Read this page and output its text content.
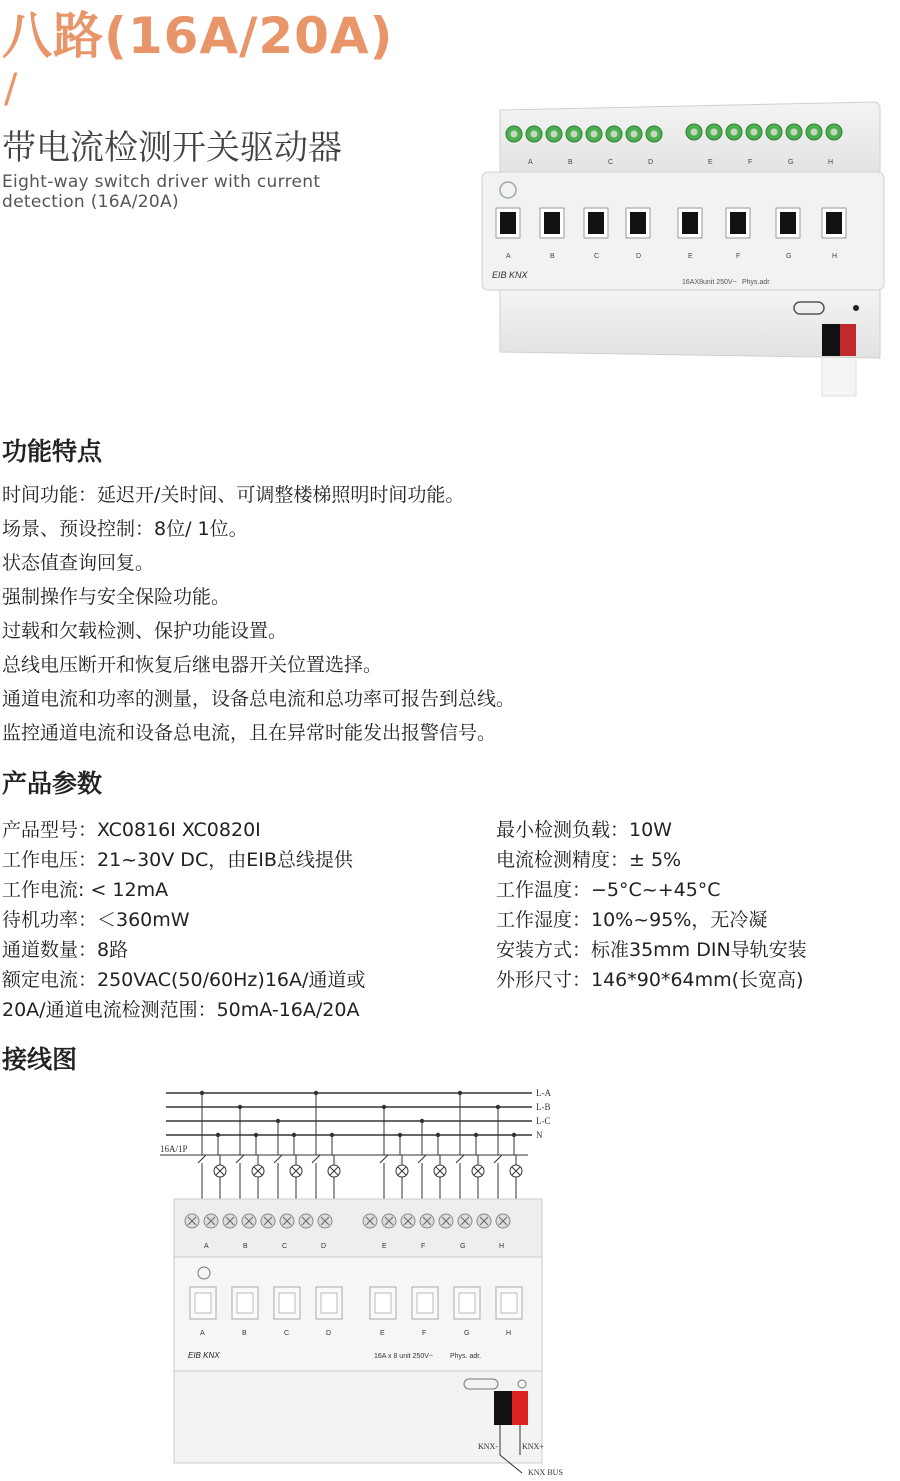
八路(16A/20A)
/
带电流检测开关驱动器
Eight-way switch driver with current detection (16A/20A)
A	B	C	D	E	F	G	H
A	B	C	D	E	F	G	H
EIB KNX
16AX8unit 250V~ Phys.adr
功能特点
时间功能：延迟开/关时间、可调整楼梯照明时间功能。
场景、预设控制：8位/ 1位。
状态值查询回复。
强制操作与安全保险功能。
过载和欠载检测、保护功能设置。
总线电压断开和恢复后继电器开关位置选择。
通道电流和功率的测量，设备总电流和总功率可报告到总线。
监控通道电流和设备总电流，且在异常时能发出报警信号。
产品参数
产品型号：XC0816I XC0820I
工作电压：21~30V DC，由EIB总线提供
工作电流: < 12mA
待机功率：＜360mW
通道数量：8路
额定电流：250VAC(50/60Hz)16A/通道或
20A/通道电流检测范围：50mA-16A/20A
最小检测负载：10W
电流检测精度：± 5%
工作温度：−5°C~+45°C
工作湿度：10%~95%，无冷凝
安装方式：标准35mm DIN导轨安装
外形尺寸：146*90*64mm(长宽高)
接线图
L-A
L-B
L-C
N
16A/1P
A	B	C	D	E	F	G	H
A	B	C	D	E	F	G	H
EIB KNX	16A x 8 unit 250V~ Phys. adr.
KNX-	KNX+
KNX BUS
